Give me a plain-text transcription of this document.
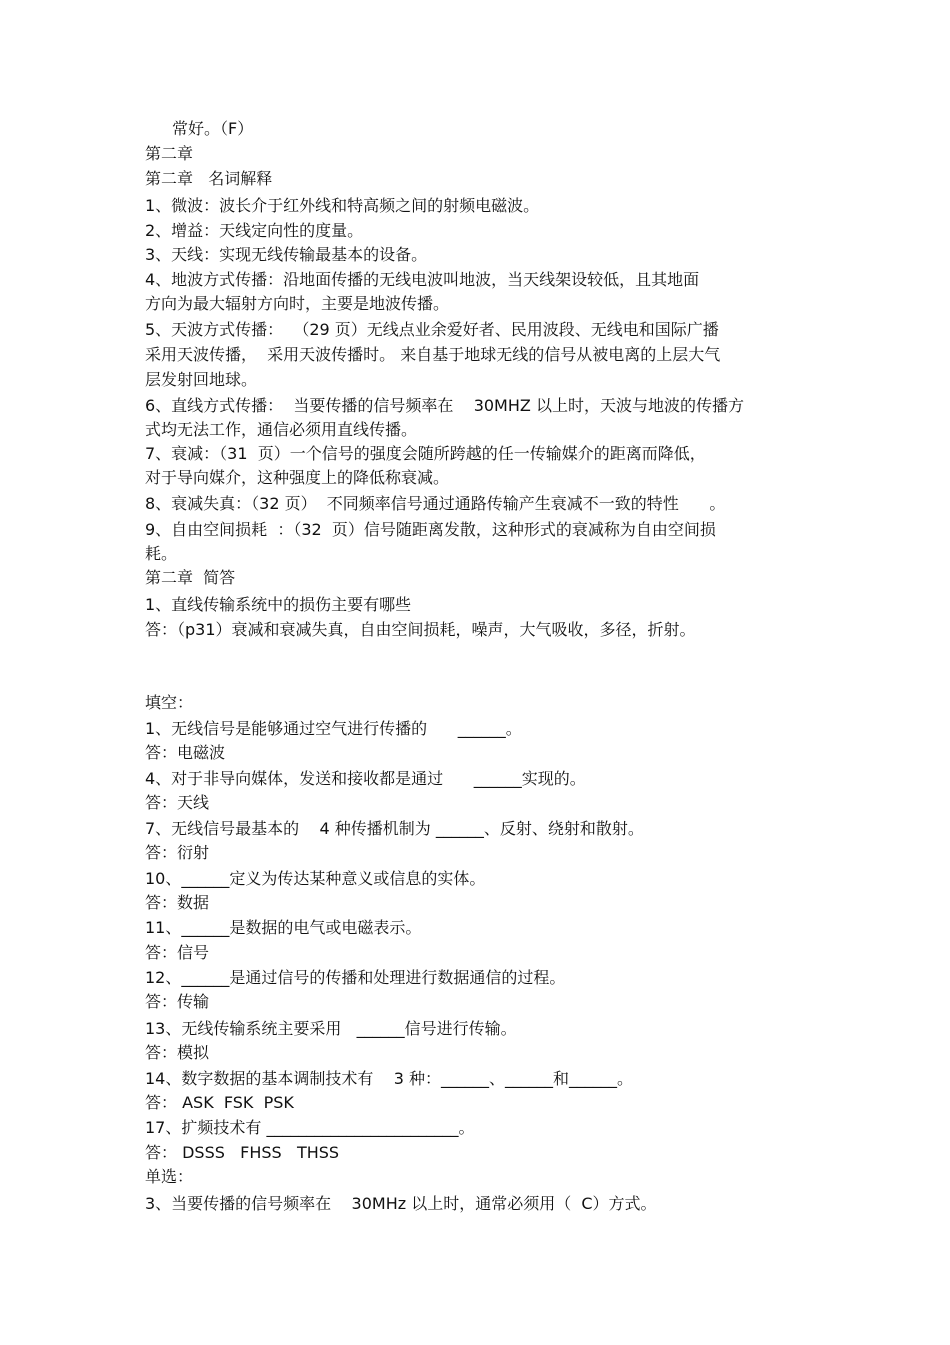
常好。（F）
第二章
第二章   名词解释
1、微波：波长介于红外线和特高频之间的射频电磁波。
2、增益：天线定向性的度量。
3、天线：实现无线传输最基本的设备。
4、地波方式传播：沿地面传播的无线电波叫地波，当天线架设较低，且其地面
方向为最大辐射方向时，主要是地波传播。
5、天波方式传播：  （29 页）无线点业余爱好者、民用波段、无线电和国际广播
采用天波传播，  采用天波传播时。 来自基于地球无线的信号从被电离的上层大气
层发射回地球。
6、直线方式传播：  当要传播的信号频率在    30MHZ 以上时，天波与地波的传播方
式均无法工作，通信必须用直线传播。
7、衰减：（31  页）一个信号的强度会随所跨越的任一传输媒介的距离而降低，
对于导向媒介，这种强度上的降低称衰减。
8、衰减失真：（32 页）  不同频率信号通过通路传输产生衰减不一致的特性      。
9、自由空间损耗  ：（32  页）信号随距离发散，这种形式的衰减称为自由空间损
耗。
第二章  简答
1、直线传输系统中的损伤主要有哪些
答：（p31）衰减和衰减失真，自由空间损耗，噪声，大气吸收，多径，折射。
填空：
1、无线信号是能够通过空气进行传播的      ______。
答：电磁波
4、对于非导向媒体，发送和接收都是通过      ______实现的。
答：天线
7、无线信号最基本的    4 种传播机制为 ______、反射、绕射和散射。
答：衍射
10、______定义为传达某种意义或信息的实体。
答：数据
11、______是数据的电气或电磁表示。
答：信号
12、______是通过信号的传播和处理进行数据通信的过程。
答：传输
13、无线传输系统主要采用   ______信号进行传输。
答：模拟
14、数字数据的基本调制技术有    3 种：______、______和______。
答： ASK  FSK  PSK
17、扩频技术有 ________________________。
答： DSSS   FHSS   THSS
单选：
3、当要传播的信号频率在    30MHz 以上时，通常必须用（  C）方式。
